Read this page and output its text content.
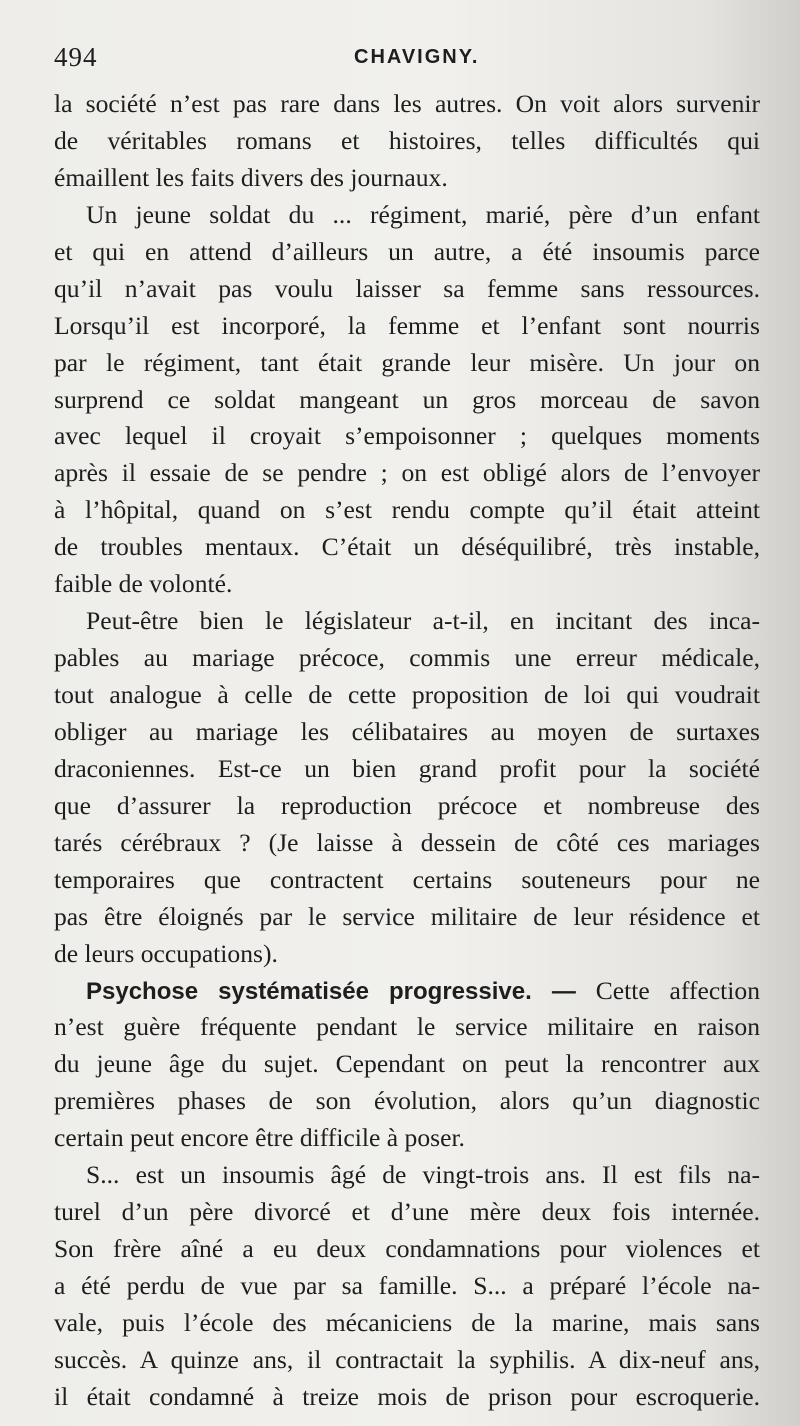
494	CHAVIGNY.
la société n’est pas rare dans les autres. On voit alors survenir
de véritables romans et histoires, telles difficultés qui
émaillent les faits divers des journaux.
Un jeune soldat du ... régiment, marié, père d’un enfant
et qui en attend d’ailleurs un autre, a été insoumis parce
qu’il n’avait pas voulu laisser sa femme sans ressources.
Lorsqu’il est incorporé, la femme et l’enfant sont nourris
par le régiment, tant était grande leur misère. Un jour on
surprend ce soldat mangeant un gros morceau de savon
avec lequel il croyait s’empoisonner ; quelques moments
après il essaie de se pendre ; on est obligé alors de l’envoyer
à l’hôpital, quand on s’est rendu compte qu’il était atteint
de troubles mentaux. C’était un déséquilibré, très instable,
faible de volonté.
Peut-être bien le législateur a-t-il, en incitant des inca-
pables au mariage précoce, commis une erreur médicale,
tout analogue à celle de cette proposition de loi qui voudrait
obliger au mariage les célibataires au moyen de surtaxes
draconiennes. Est-ce un bien grand profit pour la société
que d’assurer la reproduction précoce et nombreuse des
tarés cérébraux ? (Je laisse à dessein de côté ces mariages
temporaires que contractent certains souteneurs pour ne
pas être éloignés par le service militaire de leur résidence et
de leurs occupations).
Psychose systématisée progressive. — Cette affection
n’est guère fréquente pendant le service militaire en raison
du jeune âge du sujet. Cependant on peut la rencontrer aux
premières phases de son évolution, alors qu’un diagnostic
certain peut encore être difficile à poser.
S... est un insoumis âgé de vingt-trois ans. Il est fils na-
turel d’un père divorcé et d’une mère deux fois internée.
Son frère aîné a eu deux condamnations pour violences et
a été perdu de vue par sa famille. S... a préparé l’école na-
vale, puis l’école des mécaniciens de la marine, mais sans
succès. A quinze ans, il contractait la syphilis. A dix-neuf ans,
il était condamné à treize mois de prison pour escroquerie.
